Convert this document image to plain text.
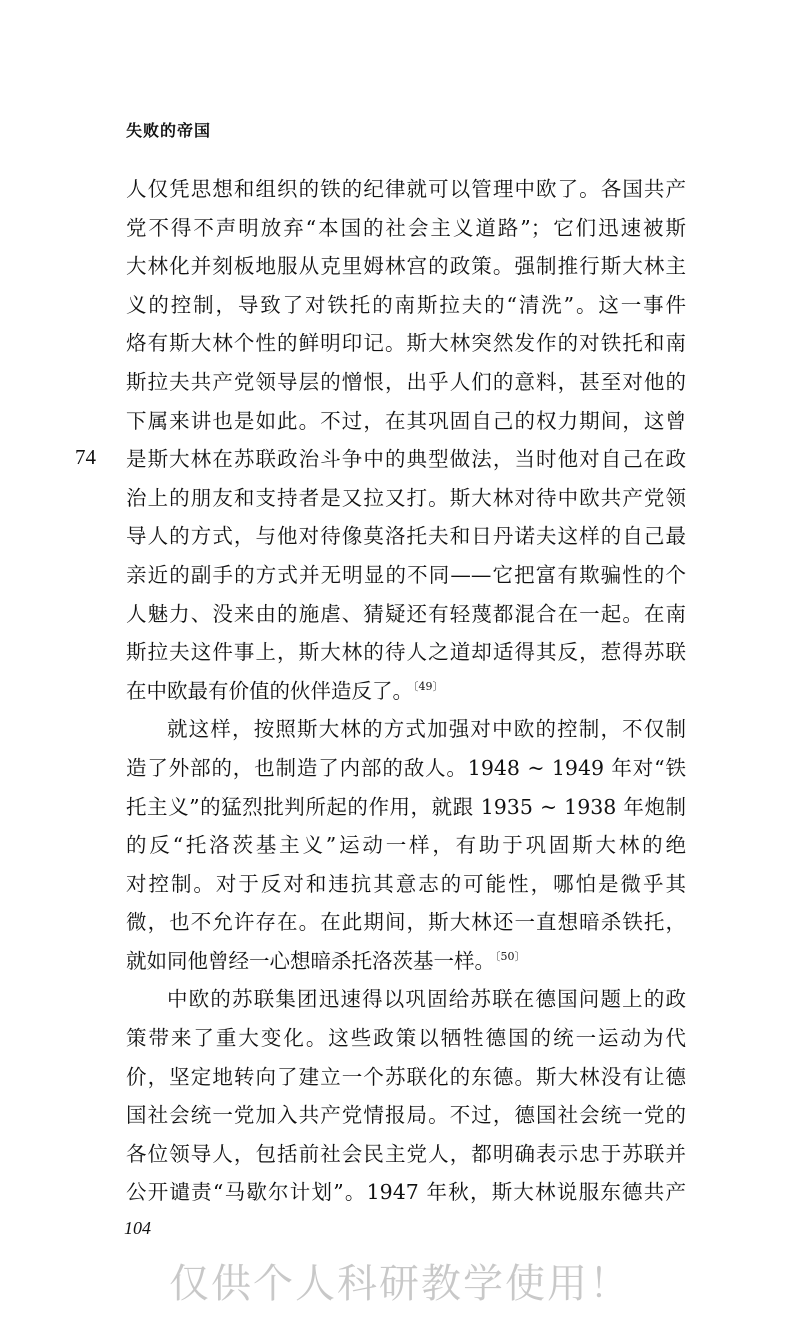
失败的帝国
74
人仅凭思想和组织的铁的纪律就可以管理中欧了。各国共产
党不得不声明放弃“本国的社会主义道路”；它们迅速被斯
大林化并刻板地服从克里姆林宫的政策。强制推行斯大林主
义的控制，导致了对铁托的南斯拉夫的“清洗”。这一事件
烙有斯大林个性的鲜明印记。斯大林突然发作的对铁托和南
斯拉夫共产党领导层的憎恨，出乎人们的意料，甚至对他的
下属来讲也是如此。不过，在其巩固自己的权力期间，这曾
是斯大林在苏联政治斗争中的典型做法，当时他对自己在政
治上的朋友和支持者是又拉又打。斯大林对待中欧共产党领
导人的方式，与他对待像莫洛托夫和日丹诺夫这样的自己最
亲近的副手的方式并无明显的不同——它把富有欺骗性的个
人魅力、没来由的施虐、猜疑还有轻蔑都混合在一起。在南
斯拉夫这件事上，斯大林的待人之道却适得其反，惹得苏联
在中欧最有价值的伙伴造反了。$^{〔49〕}$
就这样，按照斯大林的方式加强对中欧的控制，不仅制
造了外部的，也制造了内部的敌人。1948 ~ 1949 年对“铁
托主义”的猛烈批判所起的作用，就跟 1935 ~ 1938 年炮制
的反“托洛茨基主义”运动一样，有助于巩固斯大林的绝
对控制。对于反对和违抗其意志的可能性，哪怕是微乎其
微，也不允许存在。在此期间，斯大林还一直想暗杀铁托，
就如同他曾经一心想暗杀托洛茨基一样。$^{〔50〕}$
中欧的苏联集团迅速得以巩固给苏联在德国问题上的政
策带来了重大变化。这些政策以牺牲德国的统一运动为代
价，坚定地转向了建立一个苏联化的东德。斯大林没有让德
国社会统一党加入共产党情报局。不过，德国社会统一党的
各位领导人，包括前社会民主党人，都明确表示忠于苏联并
公开谴责“马歇尔计划”。1947 年秋，斯大林说服东德共产
104
仅供个人科研教学使用！
